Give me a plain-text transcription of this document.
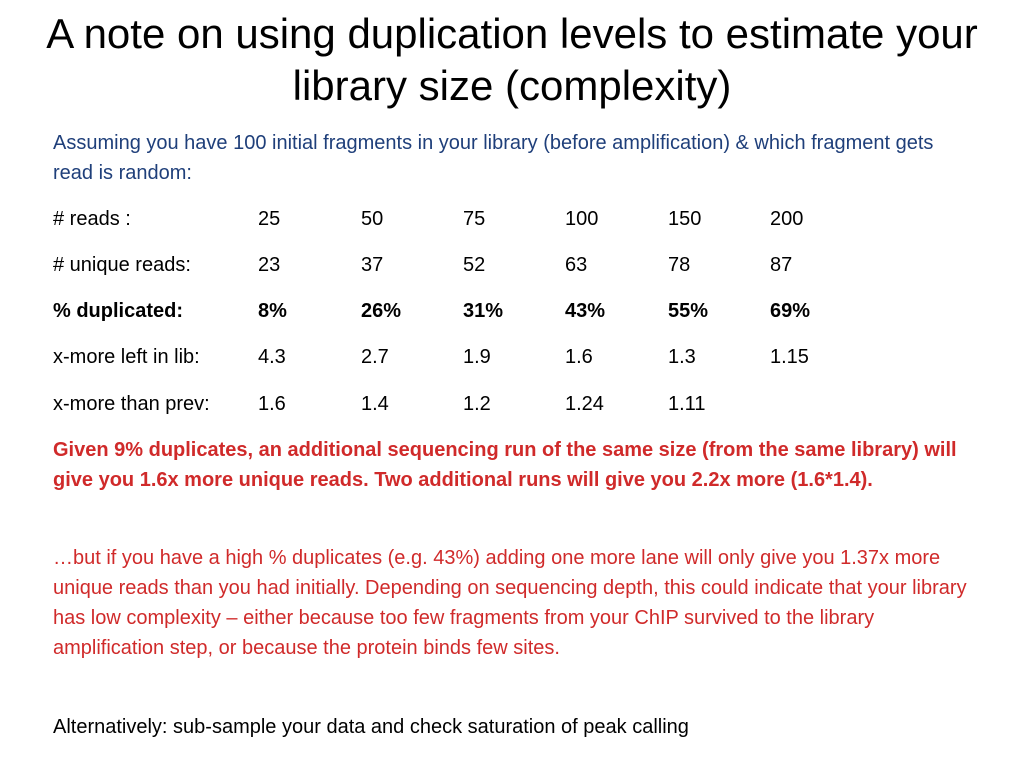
A note on using duplication levels to estimate your library size (complexity)
Assuming you have 100 initial fragments in your library (before amplification) & which fragment gets read is random:
# reads :	25	50	75	100	150	200
# unique reads:	23	37	52	63	78	87
% duplicated:	8%	26%	31%	43%	55%	69%
x-more left in lib:	4.3	2.7	1.9	1.6	1.3	1.15
x-more than prev: 1.6	1.4	1.2	1.24	1.11
Given 9% duplicates, an additional sequencing run of the same size (from the same library) will give you 1.6x more unique reads. Two additional runs will give you 2.2x more (1.6*1.4).
…but if you have a high % duplicates (e.g. 43%) adding one more lane will only give you 1.37x more unique reads than you had initially. Depending on sequencing depth, this could indicate that your library has low complexity – either because too few fragments from your ChIP survived to the library amplification step, or because the protein binds few sites.
Alternatively: sub-sample your data and check saturation of peak calling
